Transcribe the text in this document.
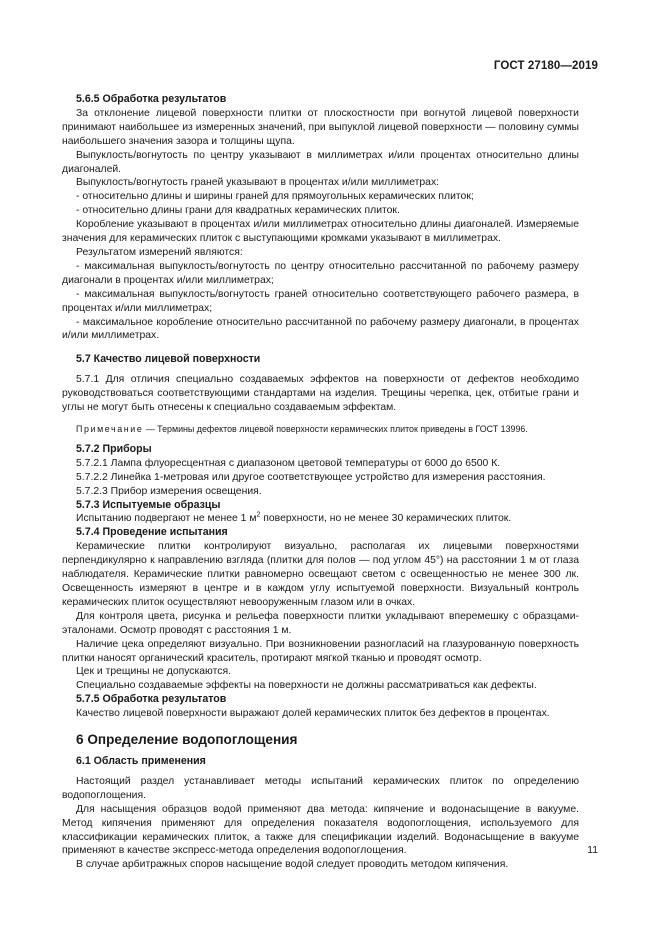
ГОСТ 27180—2019

5.6.5 Обработка результатов

За отклонение лицевой поверхности плитки от плоскостности при вогнутой лицевой поверхности принимают наибольшее из измеренных значений, при выпуклой лицевой поверхности — половину суммы наибольшего значения зазора и толщины щупа.

Выпуклость/вогнутость по центру указывают в миллиметрах и/или процентах относительно длины диагоналей.

Выпуклость/вогнутость граней указывают в процентах и/или миллиметрах:

- относительно длины и ширины граней для прямоугольных керамических плиток;

- относительно длины грани для квадратных керамических плиток.

Коробление указывают в процентах и/или миллиметрах относительно длины диагоналей. Измеряемые значения для керамических плиток с выступающими кромками указывают в миллиметрах.

Результатом измерений являются:

- максимальная выпуклость/вогнутость по центру относительно рассчитанной по рабочему размеру диагонали в процентах и/или миллиметрах;

- максимальная выпуклость/вогнутость граней относительно соответствующего рабочего размера, в процентах и/или миллиметрах;

- максимальное коробление относительно рассчитанной по рабочему размеру диагонали, в процентах и/или миллиметрах.

5.7 Качество лицевой поверхности

5.7.1 Для отличия специально создаваемых эффектов на поверхности от дефектов необходимо руководствоваться соответствующими стандартами на изделия. Трещины черепка, цек, отбитые грани и углы не могут быть отнесены к специально создаваемым эффектам.

Примечание — Термины дефектов лицевой поверхности керамических плиток приведены в ГОСТ 13996.

5.7.2 Приборы

5.7.2.1 Лампа флуоресцентная с диапазоном цветовой температуры от 6000 до 6500 К.

5.7.2.2 Линейка 1-метровая или другое соответствующее устройство для измерения расстояния.

5.7.2.3 Прибор измерения освещения.

5.7.3 Испытуемые образцы

Испытанию подвергают не менее 1 $м^2$ поверхности, но не менее 30 керамических плиток.

5.7.4 Проведение испытания

Керамические плитки контролируют визуально, располагая их лицевыми поверхностями перпендикулярно к направлению взгляда (плитки для полов — под углом 45°) на расстоянии 1 м от глаза наблюдателя. Керамические плитки равномерно освещают светом с освещенностью не менее 300 лк. Освещенность измеряют в центре и в каждом углу испытуемой поверхности. Визуальный контроль керамических плиток осуществляют невооруженным глазом или в очках.

Для контроля цвета, рисунка и рельефа поверхности плитки укладывают вперемешку с образцами-эталонами. Осмотр проводят с расстояния 1 м.

Наличие цека определяют визуально. При возникновении разногласий на глазурованную поверхность плитки наносят органический краситель, протирают мягкой тканью и проводят осмотр.

Цек и трещины не допускаются.

Специально создаваемые эффекты на поверхности не должны рассматриваться как дефекты.

5.7.5 Обработка результатов

Качество лицевой поверхности выражают долей керамических плиток без дефектов в процентах.

6 Определение водопоглощения

6.1 Область применения

Настоящий раздел устанавливает методы испытаний керамических плиток по определению водопоглощения.

Для насыщения образцов водой применяют два метода: кипячение и водонасыщение в вакууме. Метод кипячения применяют для определения показателя водопоглощения, используемого для классификации керамических плиток, а также для спецификации изделий. Водонасыщение в вакууме применяют в качестве экспресс-метода определения водопоглощения.

В случае арбитражных споров насыщение водой следует проводить методом кипячения.

11
